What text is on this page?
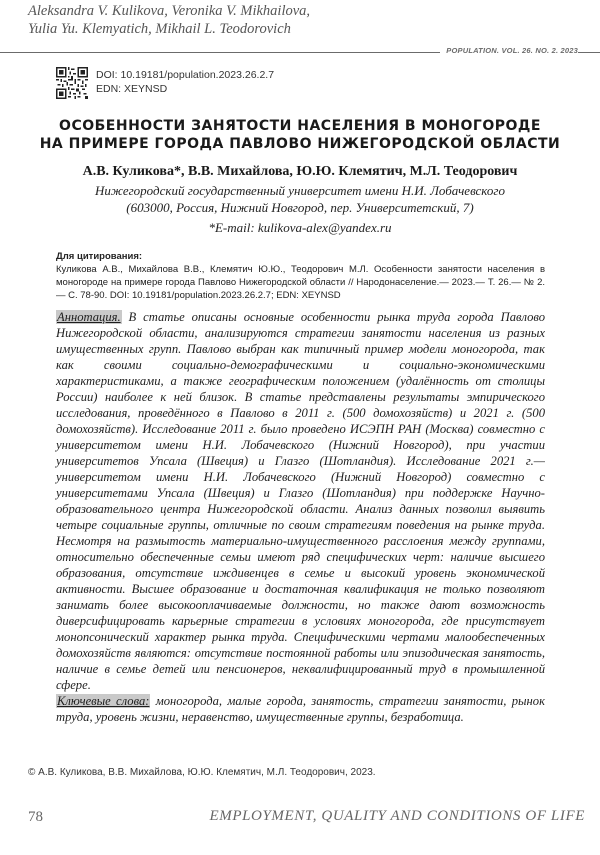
Aleksandra V. Kulikova, Veronika V. Mikhailova,
Yulia Yu. Klemyatich, Mikhail L. Teodorovich
POPULATION. VOL. 26. NO. 2. 2023
DOI: 10.19181/population.2023.26.2.7
EDN: XEYNSD
ОСОБЕННОСТИ ЗАНЯТОСТИ НАСЕЛЕНИЯ В МОНОГОРОДЕ
НА ПРИМЕРЕ ГОРОДА ПАВЛОВО НИЖЕГОРОДСКОЙ ОБЛАСТИ
А.В. Куликова*, В.В. Михайлова, Ю.Ю. Клемятич, М.Л. Теодорович
Нижегородский государственный университет имени Н.И. Лобачевского
(603000, Россия, Нижний Новгород, пер. Университетский, 7)
*E-mail: kulikova-alex@yandex.ru
Для цитирования:
Куликова А.В., Михайлова В.В., Клемятич Ю.Ю., Теодорович М.Л. Особенности занятости населения в моногороде на примере города Павлово Нижегородской области // Народонаселение.— 2023.— Т. 26.— № 2.— С. 78-90. DOI: 10.19181/population.2023.26.2.7; EDN: XEYNSD
Аннотация. В статье описаны основные особенности рынка труда города Павлово Нижегородской области, анализируются стратегии занятости населения из разных имущественных групп. Павлово выбран как типичный пример модели моногорода, так как своими социально-демографическими и социально-экономическими характеристиками, а также географическим положением (удалённость от столицы России) наиболее к ней близок. В статье представлены результаты эмпирического исследования, проведённого в Павлово в 2011 г. (500 домохозяйств) и 2021 г. (500 домохозяйств). Исследование 2011 г. было проведено ИСЭПН РАН (Москва) совместно с университетом имени Н.И. Лобачевского (Нижний Новгород), при участии университетов Упсала (Швеция) и Глазго (Шотландия). Исследование 2021 г.— университетом имени Н.И. Лобачевского (Нижний Новгород) совместно с университетами Упсала (Швеция) и Глазго (Шотландия) при поддержке Научно-образовательного центра Нижегородской области. Анализ данных позволил выявить четыре социальные группы, отличные по своим стратегиям поведения на рынке труда. Несмотря на размытость материально-имущественного расслоения между группами, относительно обеспеченные семьи имеют ряд специфических черт: наличие высшего образования, отсутствие иждивенцев в семье и высокий уровень экономической активности. Высшее образование и достаточная квалификация не только позволяют занимать более высокооплачиваемые должности, но также дают возможность диверсифицировать карьерные стратегии в условиях моногорода, где присутствует монопсонический характер рынка труда. Специфическими чертами малообеспеченных домохозяйств являются: отсутствие постоянной работы или эпизодическая занятость, наличие в семье детей или пенсионеров, неквалифицированный труд в промышленной сфере.
Ключевые слова: моногорода, малые города, занятость, стратегии занятости, рынок труда, уровень жизни, неравенство, имущественные группы, безработица.
© А.В. Куликова, В.В. Михайлова, Ю.Ю. Клемятич, М.Л. Теодорович, 2023.
78	EMPLOYMENT, QUALITY AND CONDITIONS OF LIFE
